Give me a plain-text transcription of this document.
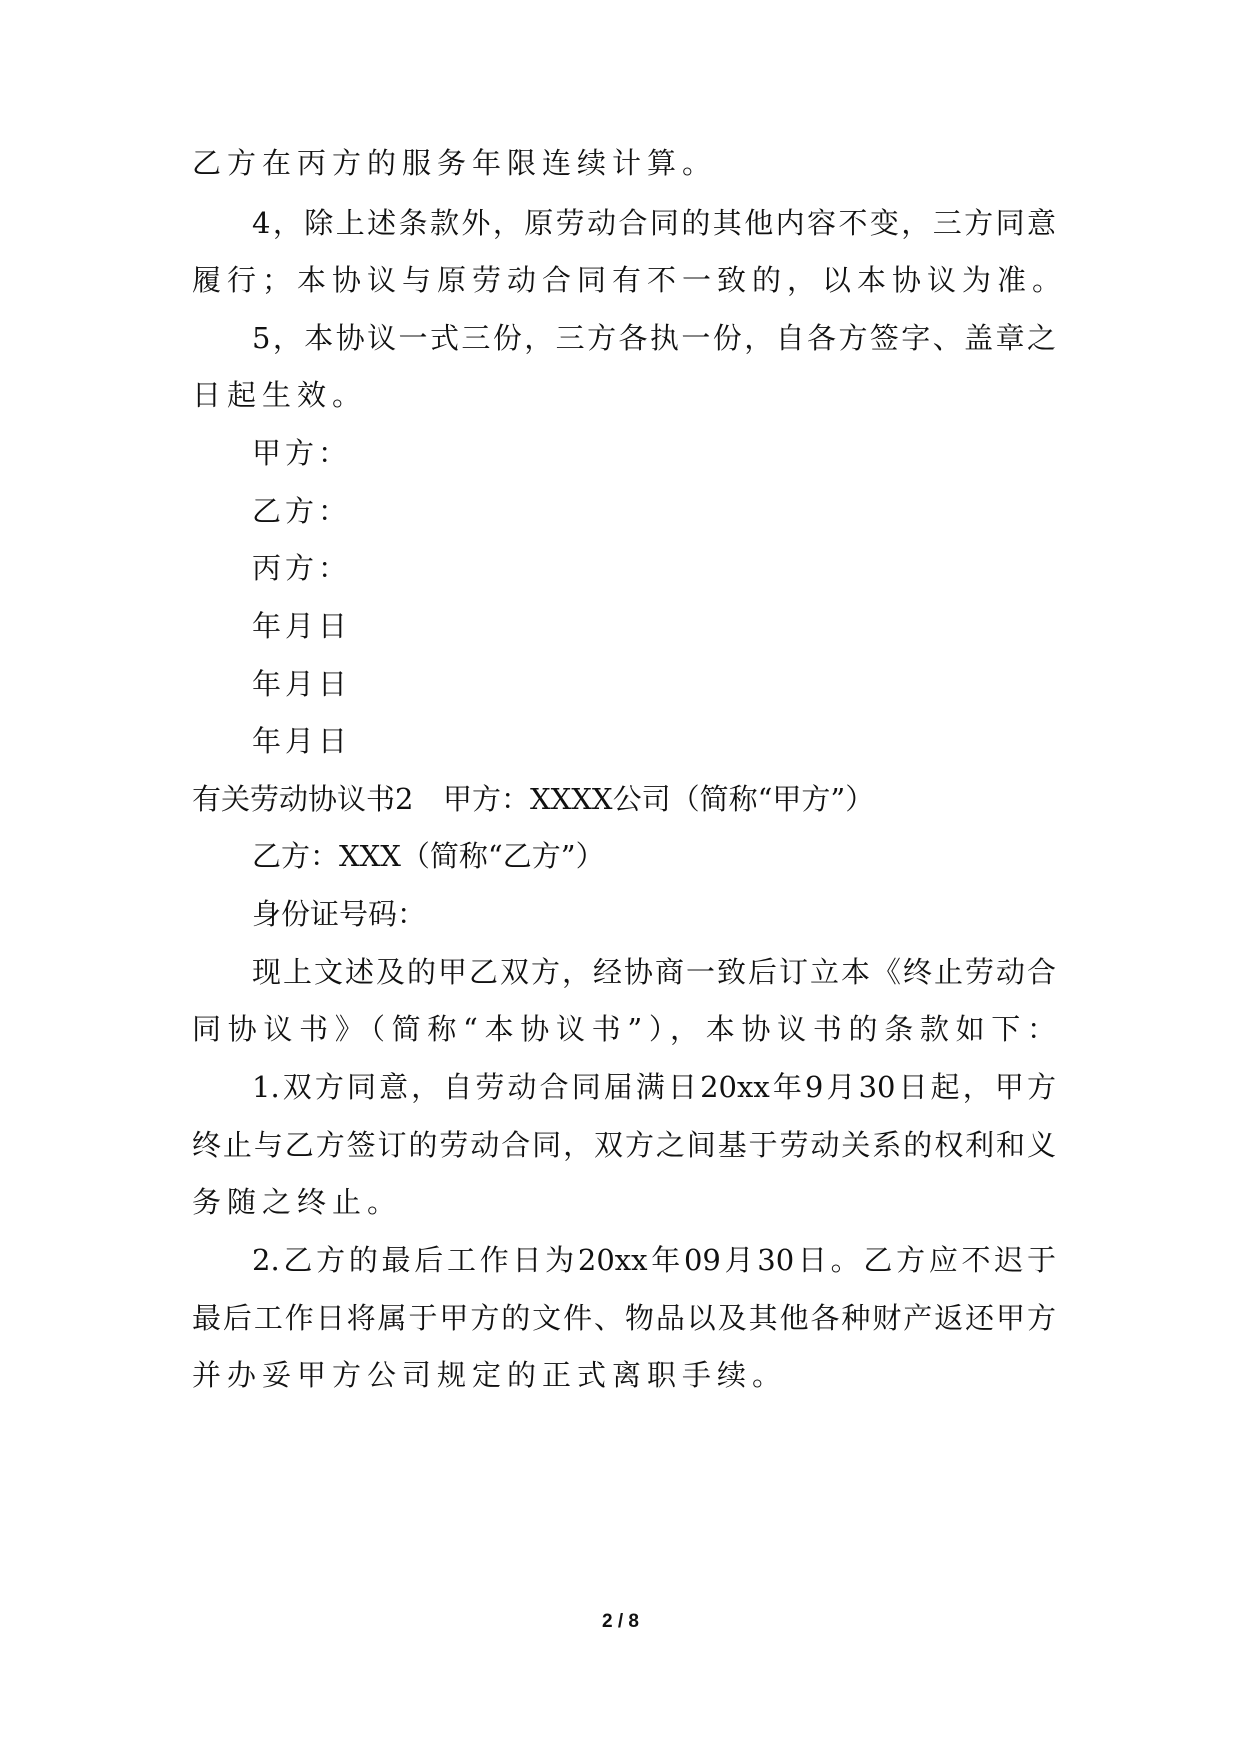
乙方在丙方的服务年限连续计算。
4，除上述条款外，原劳动合同的其他内容不变，三方同意
履行；本协议与原劳动合同有不一致的，以本协议为准。
5，本协议一式三份，三方各执一份，自各方签字、盖章之
日起生效。
甲方：
乙方：
丙方：
年月日
年月日
年月日
有关劳动协议书2 甲方：XXXX公司（简称“甲方”）
乙方：XXX（简称“乙方”）
身份证号码：
现上文述及的甲乙双方，经协商一致后订立本《终止劳动合
同协议书》（简称“本协议书”），本协议书的条款如下：
1.双方同意，自劳动合同届满日20xx年9月30日起，甲方
终止与乙方签订的劳动合同，双方之间基于劳动关系的权利和义
务随之终止。
2.乙方的最后工作日为20xx年09月30日。乙方应不迟于
最后工作日将属于甲方的文件、物品以及其他各种财产返还甲方
并办妥甲方公司规定的正式离职手续。
2 / 8
